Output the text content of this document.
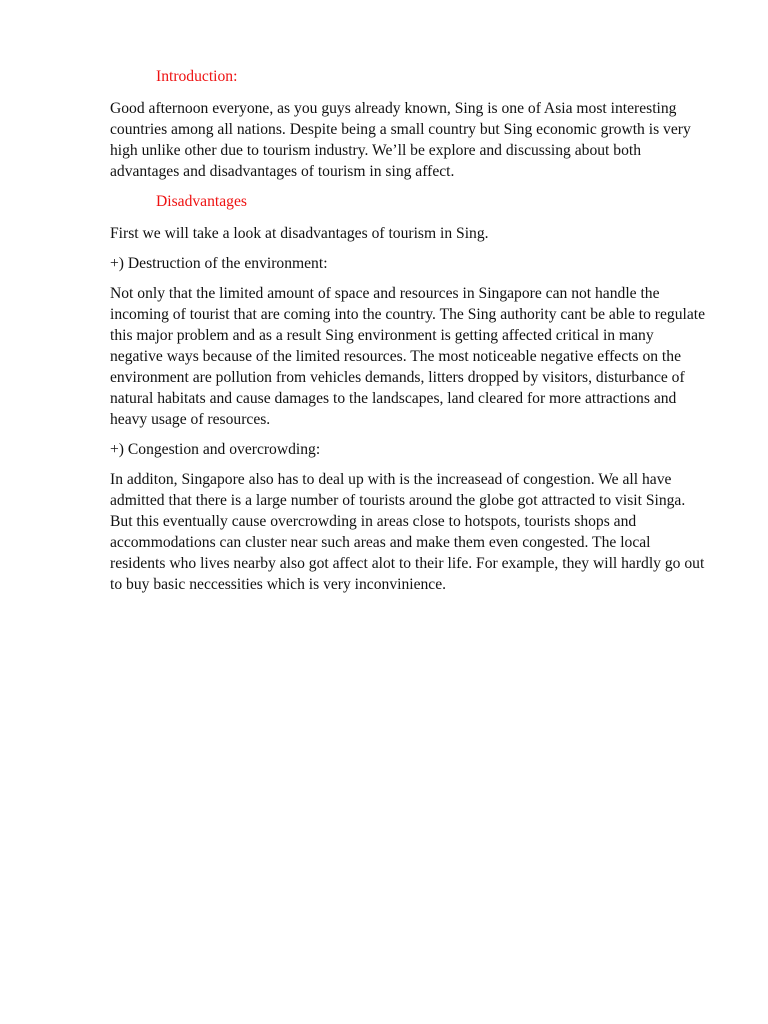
Introduction:

Good afternoon everyone, as you guys already known, Sing is one of Asia most interesting countries among all nations. Despite being a small country but Sing economic growth is very high unlike other due to tourism industry. We’ll be explore and discussing about both advantages and disadvantages of tourism in sing affect.

Disadvantages

First we will take a look at disadvantages of tourism in Sing.

+) Destruction of the environment:

Not only that the limited amount of space and resources in Singapore can not handle the incoming of tourist that are coming into the country. The Sing authority cant be able to regulate this major problem and as a result Sing environment is getting affected critical in many negative ways because of the limited resources. The most noticeable negative effects on the environment are pollution from vehicles demands, litters dropped by visitors, disturbance of natural habitats and cause damages to the landscapes, land cleared for more attractions and heavy usage of resources.

+) Congestion and overcrowding:

In additon, Singapore also has to deal up with is the increasead of congestion. We all have admitted that there is a large number of tourists around the globe got attracted to visit Singa. But this eventually cause overcrowding in areas close to hotspots, tourists shops and accommodations can cluster near such areas and make them even congested. The local residents who lives nearby also got affect alot to their life. For example, they will hardly go out to buy basic neccessities which is very inconvinience.
